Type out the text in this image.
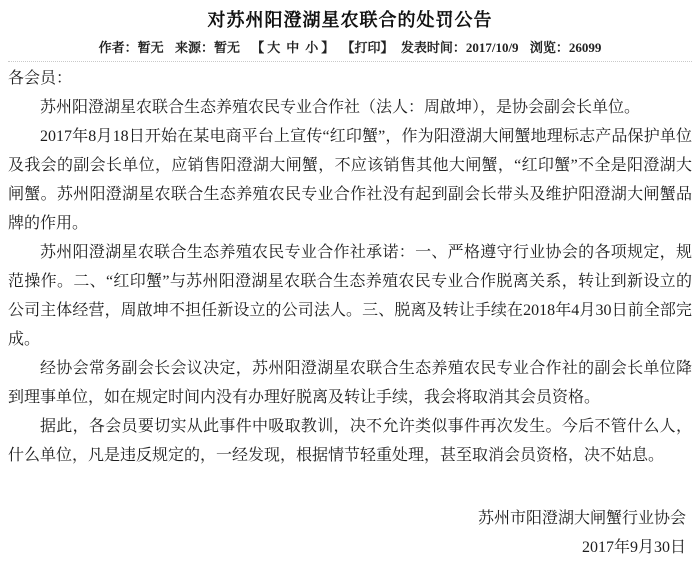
对苏州阳澄湖星农联合的处罚公告
作者：暂无 来源：暂无 【 大 中 小 】 【打印】 发表时间：2017/10/9 浏览：26099

各会员：

苏州阳澄湖星农联合生态养殖农民专业合作社（法人：周啟坤），是协会副会长单位。

2017年8月18日开始在某电商平台上宣传“红印蟹”，作为阳澄湖大闸蟹地理标志产品保护单位及我会的副会长单位，应销售阳澄湖大闸蟹，不应该销售其他大闸蟹，“红印蟹”不全是阳澄湖大闸蟹。苏州阳澄湖星农联合生态养殖农民专业合作社没有起到副会长带头及维护阳澄湖大闸蟹品牌的作用。

苏州阳澄湖星农联合生态养殖农民专业合作社承诺：一、严格遵守行业协会的各项规定，规范操作。二、“红印蟹”与苏州阳澄湖星农联合生态养殖农民专业合作脱离关系，转让到新设立的公司主体经营，周啟坤不担任新设立的公司法人。三、脱离及转让手续在2018年4月30日前全部完成。

经协会常务副会长会议决定，苏州阳澄湖星农联合生态养殖农民专业合作社的副会长单位降到理事单位，如在规定时间内没有办理好脱离及转让手续，我会将取消其会员资格。

据此，各会员要切实从此事件中吸取教训，决不允许类似事件再次发生。今后不管什么人，什么单位，凡是违反规定的，一经发现，根据情节轻重处理，甚至取消会员资格，决不姑息。

苏州市阳澄湖大闸蟹行业协会

2017年9月30日
